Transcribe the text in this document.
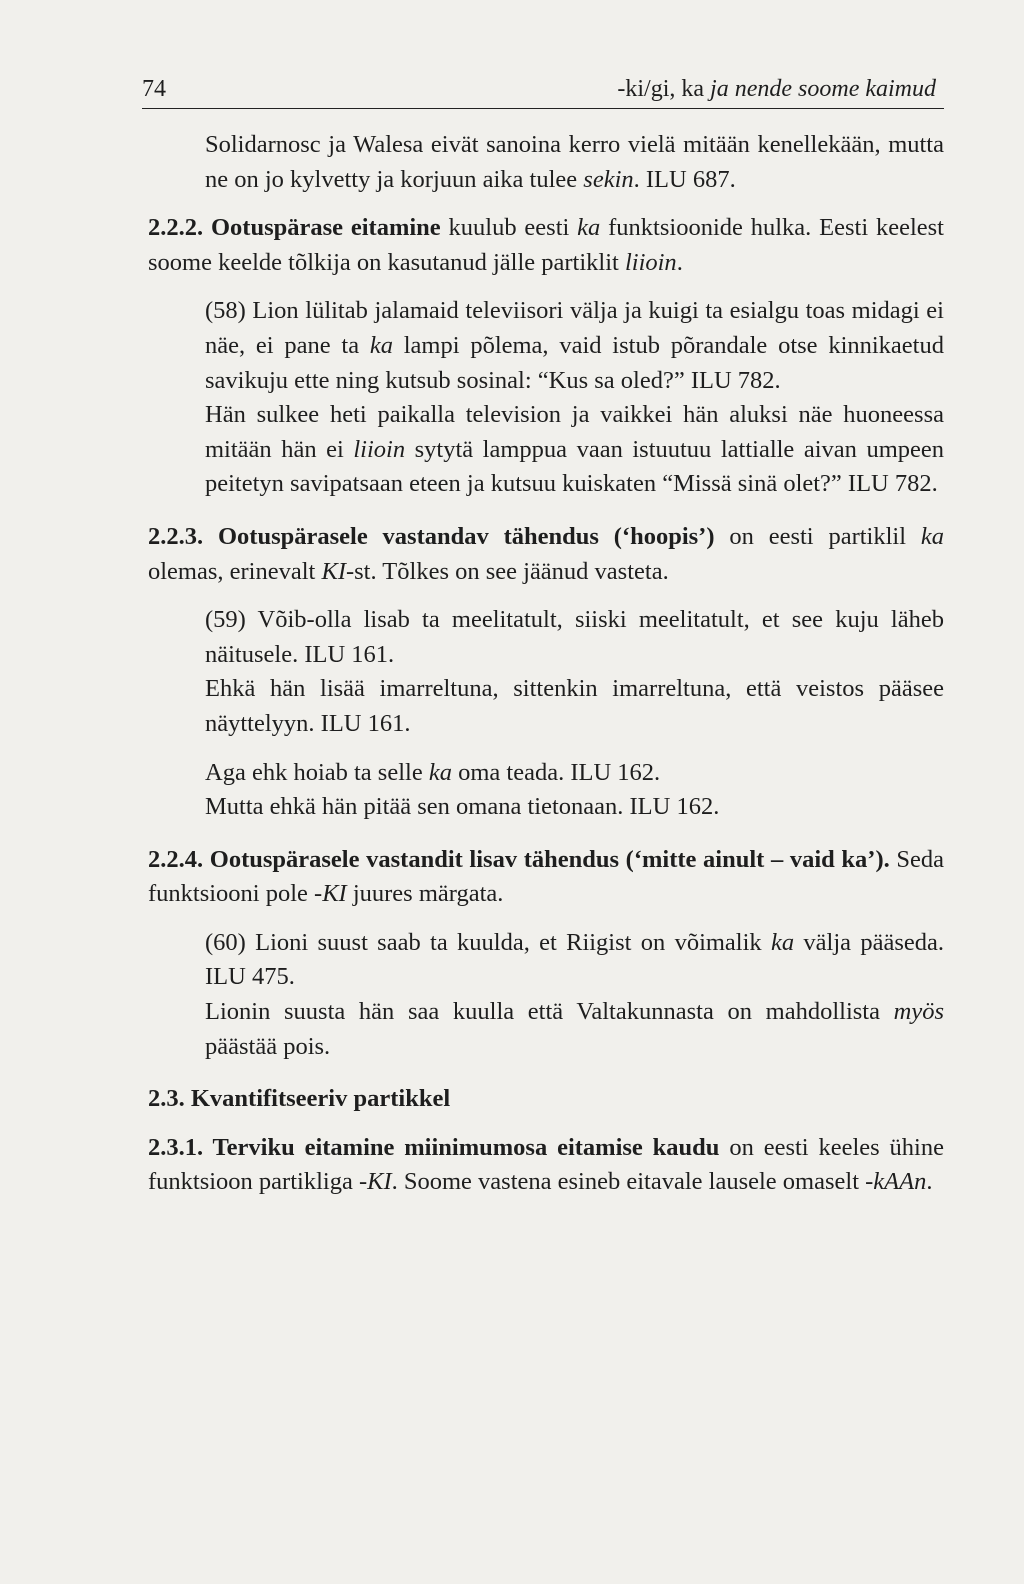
74	-ki/gi, ka ja nende soome kaimud

Solidarnosc ja Walesa eivät sanoina kerro vielä mitään kenellekään, mutta ne on jo kylvetty ja korjuun aika tulee sekin. ILU 687.

2.2.2. Ootuspärase eitamine kuulub eesti ka funktsioonide hulka. Eesti keelest soome keelde tõlkija on kasutanud jälle partiklit liioin.

(58) Lion lülitab jalamaid televiisori välja ja kuigi ta esialgu toas midagi ei näe, ei pane ta ka lampi põlema, vaid istub põrandale otse kinnikaetud savikuju ette ning kutsub sosinal: “Kus sa oled?” ILU 782.

Hän sulkee heti paikalla television ja vaikkei hän aluksi näe huoneessa mitään hän ei liioin sytytä lamppua vaan istuutuu lattialle aivan umpeen peitetyn savipatsaan eteen ja kutsuu kuiskaten “Missä sinä olet?” ILU 782.

2.2.3. Ootuspärasele vastandav tähendus (‘hoopis’) on eesti partiklil ka olemas, erinevalt KI-st. Tõlkes on see jäänud vasteta.

(59) Võib-olla lisab ta meelitatult, siiski meelitatult, et see kuju läheb näitusele. ILU 161.

Ehkä hän lisää imarreltuna, sittenkin imarreltuna, että veistos pääsee näyttelyyn. ILU 161.

Aga ehk hoiab ta selle ka oma teada. ILU 162.

Mutta ehkä hän pitää sen omana tietonaan. ILU 162.

2.2.4. Ootuspärasele vastandit lisav tähendus (‘mitte ainult – vaid ka’). Seda funktsiooni pole -KI juures märgata.

(60) Lioni suust saab ta kuulda, et Riigist on võimalik ka välja pääseda. ILU 475.

Lionin suusta hän saa kuulla että Valtakunnasta on mahdollista myös päästää pois.

2.3. Kvantifitseeriv partikkel

2.3.1. Terviku eitamine miinimumosa eitamise kaudu on eesti keeles ühine funktsioon partikliga -KI. Soome vastena esineb eitavale lausele omaselt -kAAn.
